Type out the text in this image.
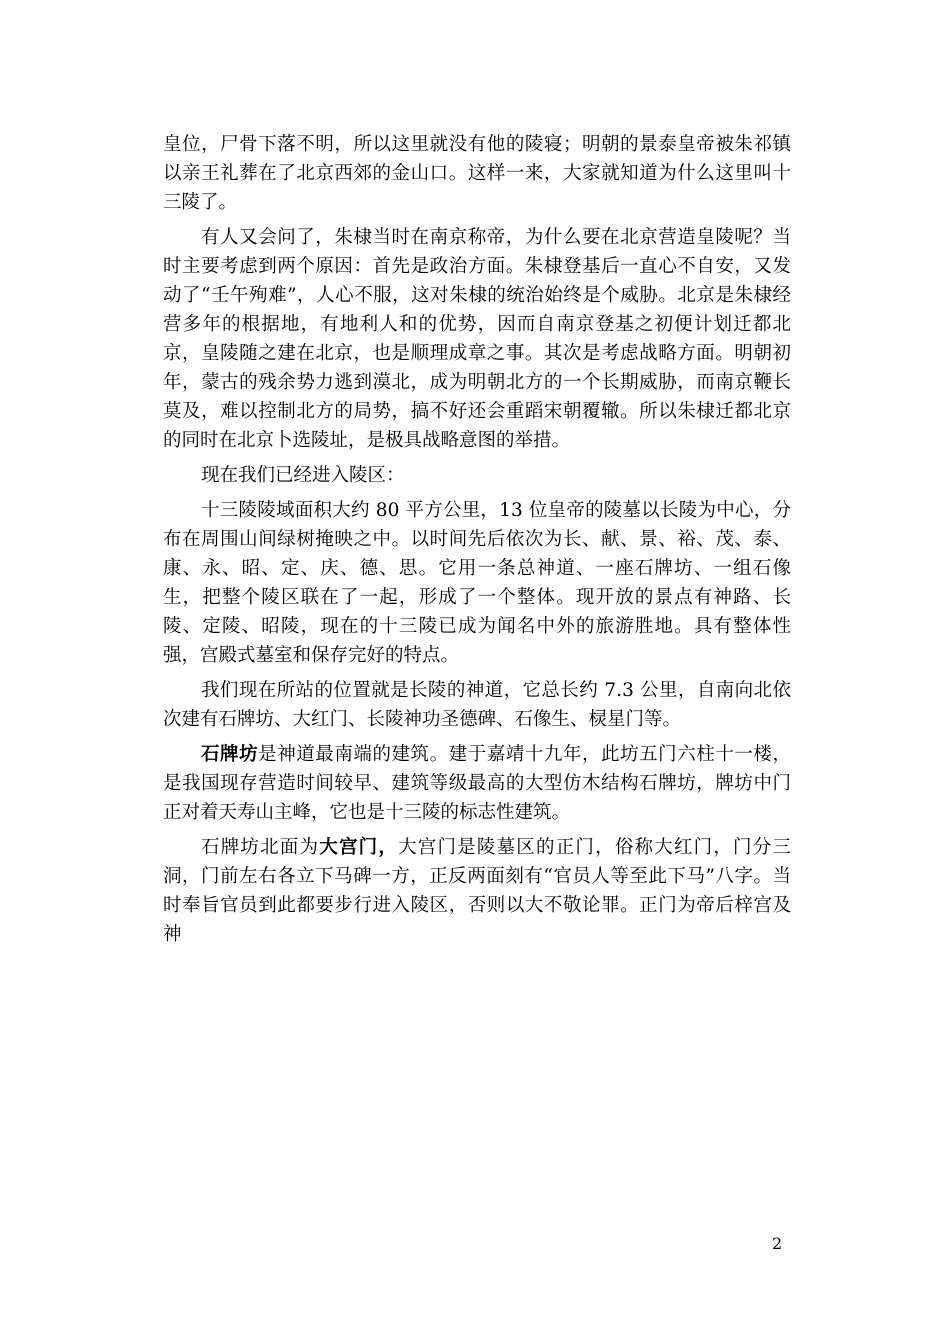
皇位，尸骨下落不明，所以这里就没有他的陵寝；明朝的景泰皇帝被朱祁镇以亲王礼葬在了北京西郊的金山口。这样一来，大家就知道为什么这里叫十三陵了。

有人又会问了，朱棣当时在南京称帝，为什么要在北京营造皇陵呢？当时主要考虑到两个原因：首先是政治方面。朱棣登基后一直心不自安，又发动了“壬午殉难”，人心不服，这对朱棣的统治始终是个威胁。北京是朱棣经营多年的根据地，有地利人和的优势，因而自南京登基之初便计划迁都北京，皇陵随之建在北京，也是顺理成章之事。其次是考虑战略方面。明朝初年，蒙古的残余势力逃到漠北，成为明朝北方的一个长期威胁，而南京鞭长莫及，难以控制北方的局势，搞不好还会重蹈宋朝覆辙。所以朱棣迁都北京的同时在北京卜选陵址，是极具战略意图的举措。

现在我们已经进入陵区：

十三陵陵域面积大约 80 平方公里，13 位皇帝的陵墓以长陵为中心，分布在周围山间绿树掩映之中。以时间先后依次为长、献、景、裕、茂、泰、康、永、昭、定、庆、德、思。它用一条总神道、一座石牌坊、一组石像生，把整个陵区联在了一起，形成了一个整体。现开放的景点有神路、长陵、定陵、昭陵，现在的十三陵已成为闻名中外的旅游胜地。具有整体性强，宫殿式墓室和保存完好的特点。

我们现在所站的位置就是长陵的神道，它总长约 7.3 公里，自南向北依次建有石牌坊、大红门、长陵神功圣德碑、石像生、棂星门等。

石牌坊是神道最南端的建筑。建于嘉靖十九年，此坊五门六柱十一楼，是我国现存营造时间较早、建筑等级最高的大型仿木结构石牌坊，牌坊中门正对着天寿山主峰，它也是十三陵的标志性建筑。

石牌坊北面为大宫门，大宫门是陵墓区的正门，俗称大红门，门分三洞，门前左右各立下马碑一方，正反两面刻有“官员人等至此下马”八字。当时奉旨官员到此都要步行进入陵区，否则以大不敬论罪。正门为帝后梓宫及神

2
